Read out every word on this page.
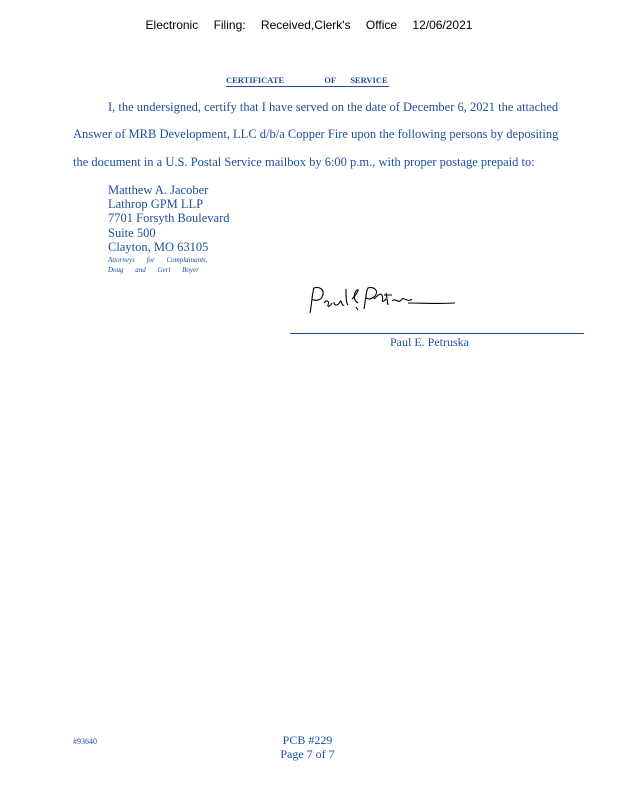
Electronic Filing: Received,Clerk's Office 12/06/2021
CERTIFICATE	OF SERVICE
I, the undersigned, certify that I have served on the date of December 6, 2021 the attached
Answer of MRB Development, LLC d/b/a Copper Fire upon the following persons by depositing
the document in a U.S. Postal Service mailbox by 6:00 p.m., with proper postage prepaid to:
Matthew A. Jacober
Lathrop GPM LLP
7701 Forsyth Boulevard
Suite 500
Clayton, MO 63105
Attorneys for Complainants,
Doug and Geri Boyer
Paul E. Petruska
#93640	PCB #229
Page 7 of 7
